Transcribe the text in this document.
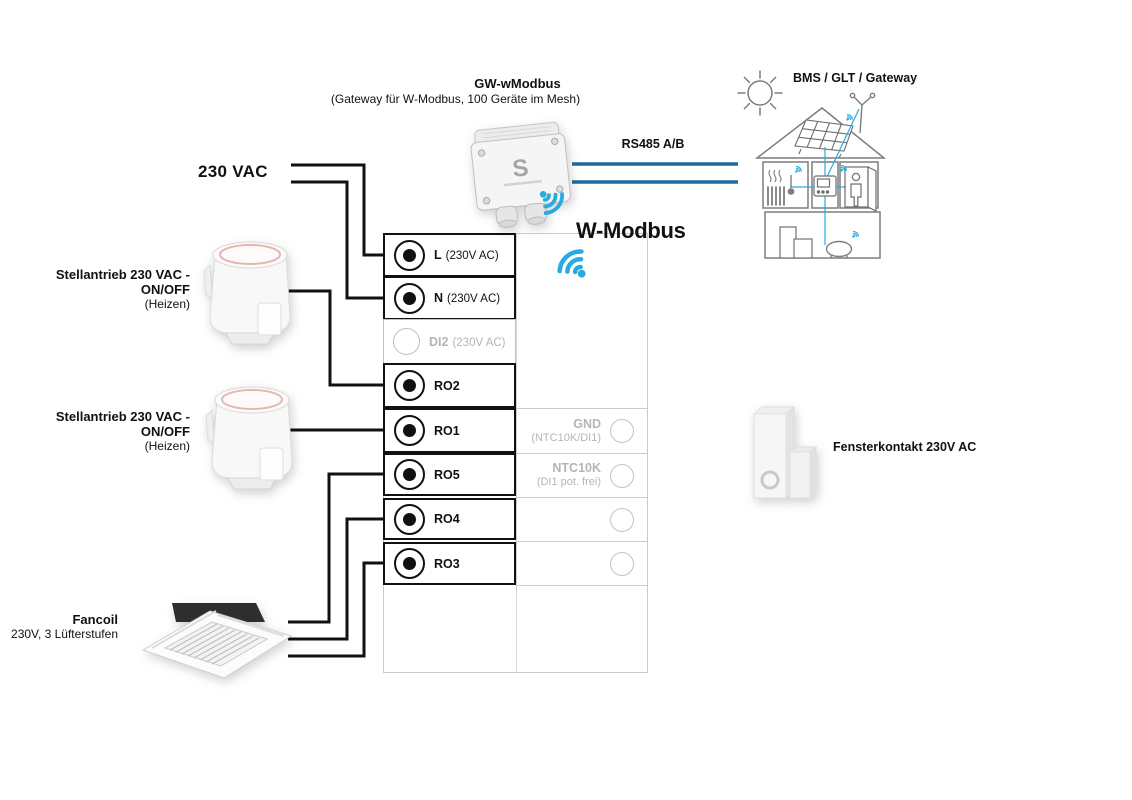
GW-wModbus
(Gateway für W-Modbus, 100 Geräte im Mesh)
BMS / GLT / Gateway
RS485 A/B
230 VAC
W-Modbus
Stellantrieb 230 VAC - ON/OFF
(Heizen)
Stellantrieb 230 VAC - ON/OFF
(Heizen)
Fancoil
230V, 3 Lüfterstufen
Fensterkontakt 230V AC
L (230V AC)
N (230V AC)
DI2 (230V AC)
RO2
RO1
RO5
RO4
RO3
GND
(NTC10K/DI1)
NTC10K
(DI1 pot. frei)
S
